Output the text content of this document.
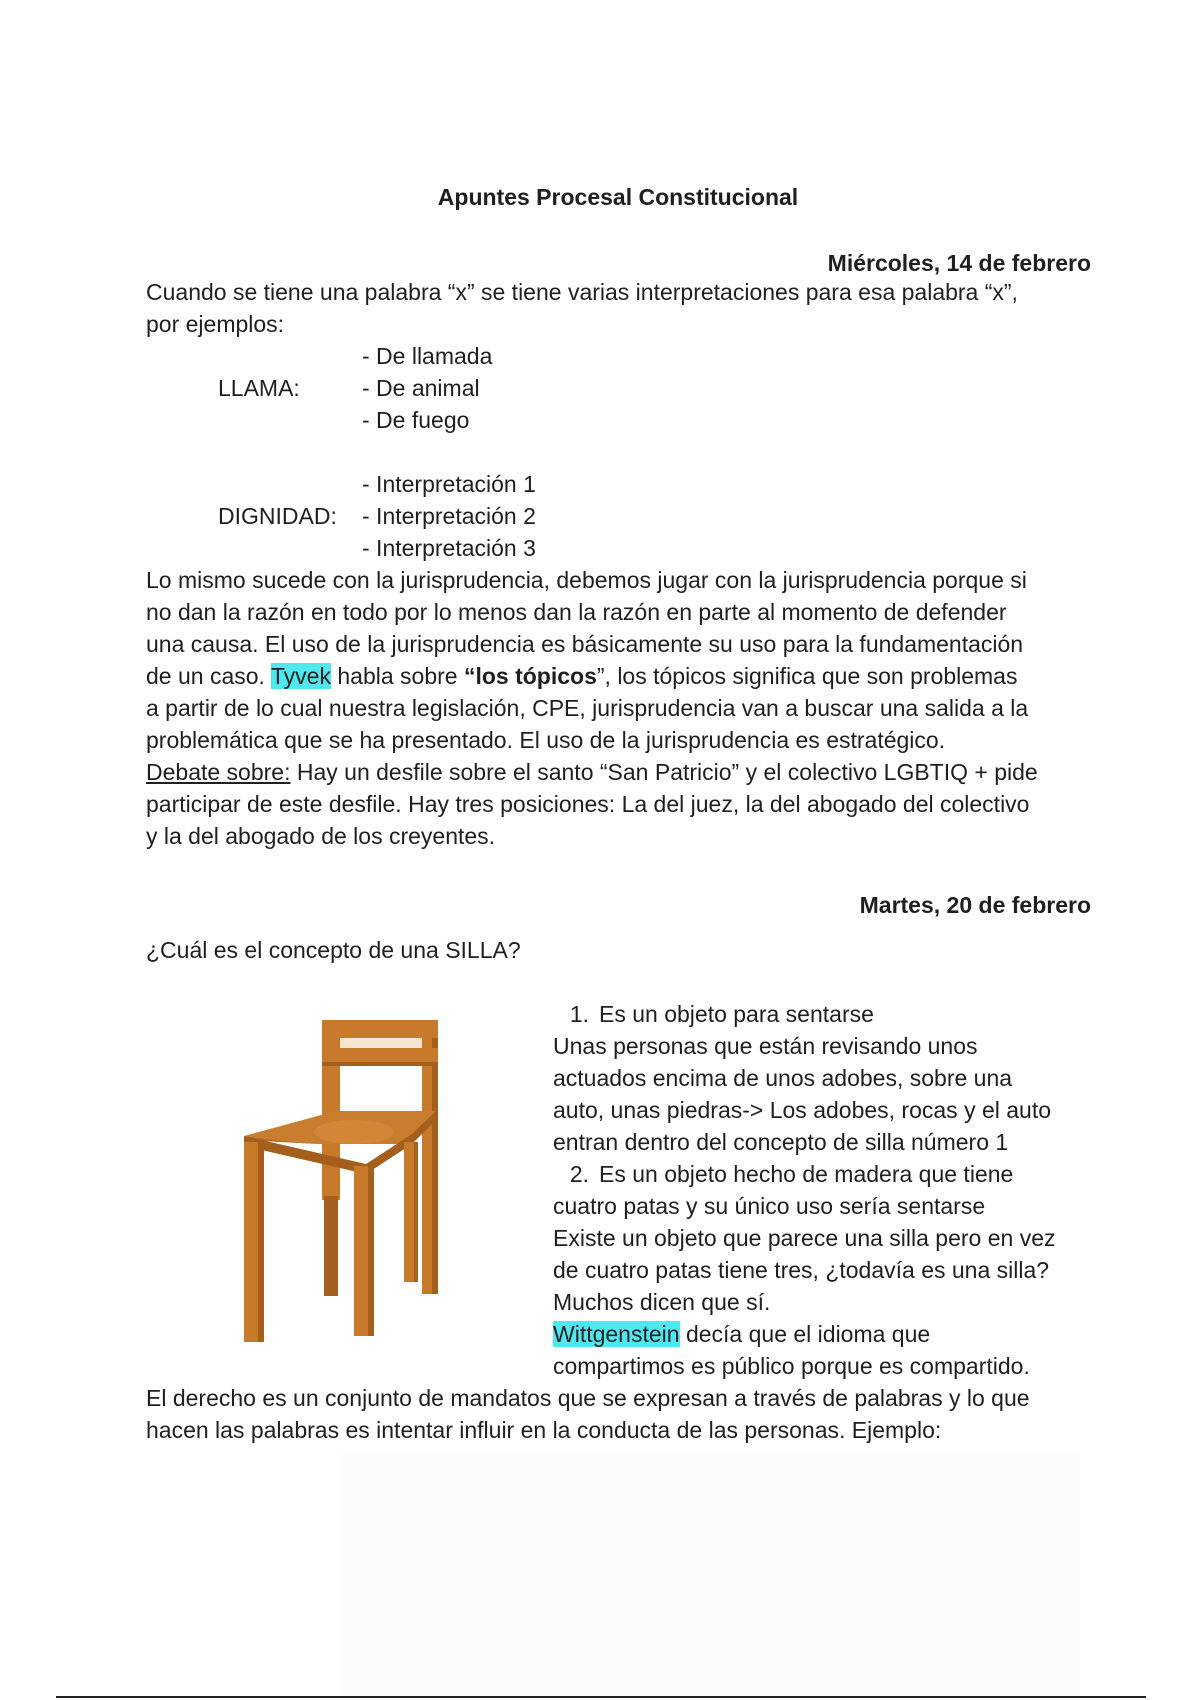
Apuntes Procesal Constitucional
Miércoles, 14 de febrero
Cuando se tiene una palabra “x” se tiene varias interpretaciones para esa palabra “x”,
por ejemplos:
- De llamada
LLAMA:	- De animal
- De fuego
- Interpretación 1
DIGNIDAD: - Interpretación 2
- Interpretación 3
Lo mismo sucede con la jurisprudencia, debemos jugar con la jurisprudencia porque si
no dan la razón en todo por lo menos dan la razón en parte al momento de defender
una causa. El uso de la jurisprudencia es básicamente su uso para la fundamentación
de un caso. Tyvek habla sobre “los tópicos”, los tópicos significa que son problemas
a partir de lo cual nuestra legislación, CPE, jurisprudencia van a buscar una salida a la
problemática que se ha presentado. El uso de la jurisprudencia es estratégico.
Debate sobre: Hay un desfile sobre el santo “San Patricio” y el colectivo LGBTIQ + pide
participar de este desfile. Hay tres posiciones: La del juez, la del abogado del colectivo
y la del abogado de los creyentes.
Martes, 20 de febrero
¿Cuál es el concepto de una SILLA?
1. Es un objeto para sentarse
Unas personas que están revisando unos
actuados encima de unos adobes, sobre una
auto, unas piedras-> Los adobes, rocas y el auto
entran dentro del concepto de silla número 1
2. Es un objeto hecho de madera que tiene
cuatro patas y su único uso sería sentarse
Existe un objeto que parece una silla pero en vez
de cuatro patas tiene tres, ¿todavía es una silla?
Muchos dicen que sí.
Wittgenstein decía que el idioma que
compartimos es público porque es compartido.
El derecho es un conjunto de mandatos que se expresan a través de palabras y lo que
hacen las palabras es intentar influir en la conducta de las personas. Ejemplo:
